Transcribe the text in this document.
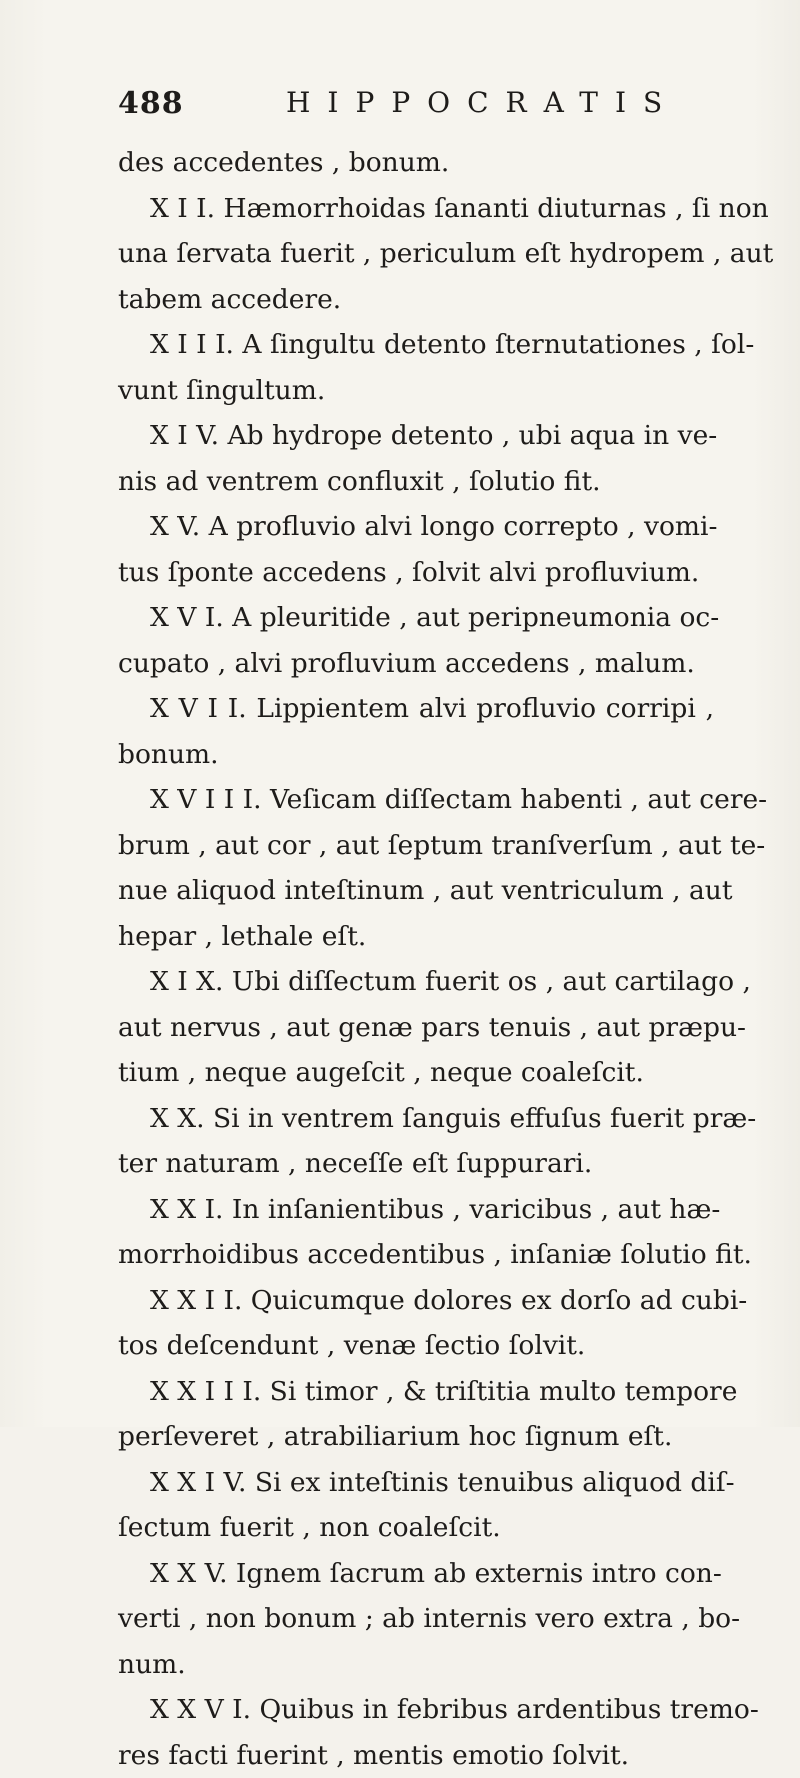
488	HIPPOCRATIS
des accedentes , bonum.
X I I. Hæmorrhoidas ſananti diuturnas , ſi non
una ſervata fuerit , periculum eſt hydropem , aut
tabem accedere.
X I I I. A ſingultu detento ſternutationes , ſol-
vunt ſingultum.
X I V. Ab hydrope detento , ubi aqua in ve-
nis ad ventrem confluxit , ſolutio fit.
X V. A profluvio alvi longo correpto , vomi-
tus ſponte accedens , ſolvit alvi profluvium.
X V I. A pleuritide , aut peripneumonia oc-
cupato , alvi profluvium accedens , malum.
X V I I. Lippientem alvi profluvio corripi ,
bonum.
X V I I I. Veſicam diſſectam habenti , aut cere-
brum , aut cor , aut ſeptum tranſverſum , aut te-
nue aliquod inteſtinum , aut ventriculum , aut
hepar , lethale eſt.
X I X. Ubi diſſectum fuerit os , aut cartilago ,
aut nervus , aut genæ pars tenuis , aut præpu-
tium , neque augeſcit , neque coaleſcit.
X X. Si in ventrem ſanguis effuſus fuerit præ-
ter naturam , neceſſe eſt ſuppurari.
X X I. In inſanientibus , varicibus , aut hæ-
morrhoidibus accedentibus , inſaniæ ſolutio fit.
X X I I. Quicumque dolores ex dorſo ad cubi-
tos deſcendunt , venæ ſectio ſolvit.
X X I I I. Si timor , & triſtitia multo tempore
perſeveret , atrabiliarium hoc ſignum eſt.
X X I V. Si ex inteſtinis tenuibus aliquod diſ-
ſectum fuerit , non coaleſcit.
X X V. Ignem ſacrum ab externis intro con-
verti , non bonum ; ab internis vero extra , bo-
num.
X X V I. Quibus in febribus ardentibus tremo-
res facti fuerint , mentis emotio ſolvit.
